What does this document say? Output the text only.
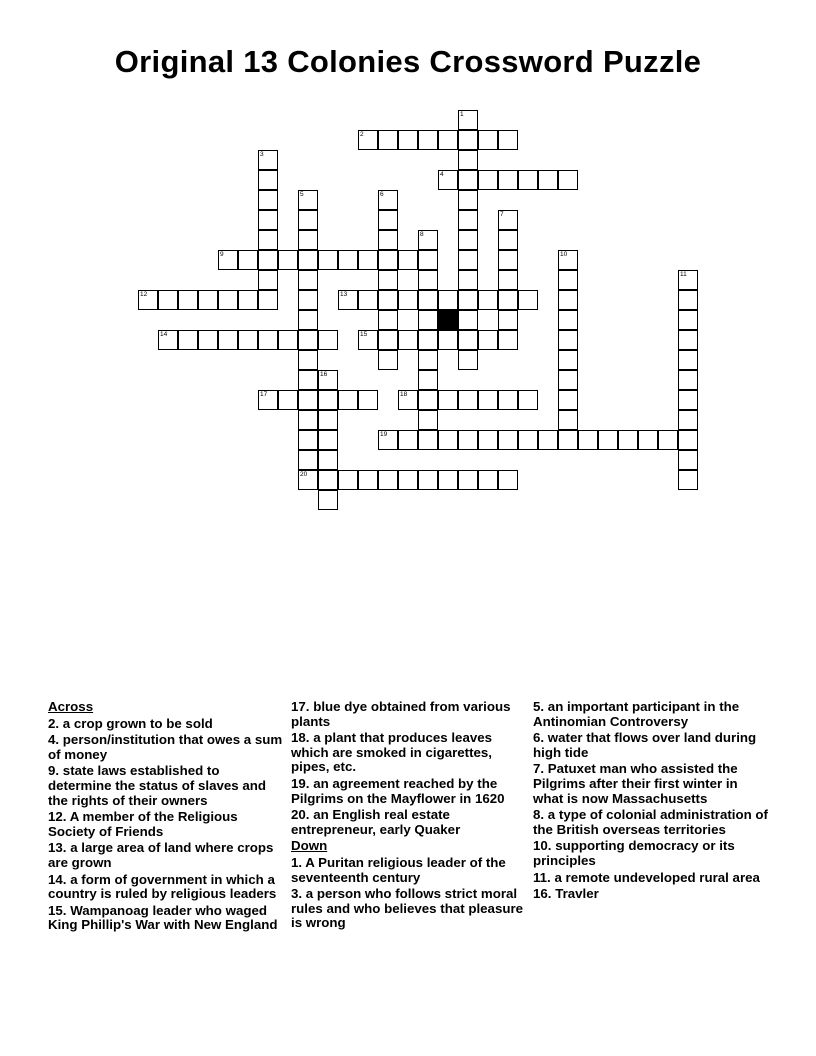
Original 13 Colonies Crossword Puzzle
1
2
3
4
5	6
7
8
9	10
11
12	13
14	15
16
17	18
19
20
Across
2. a crop grown to be sold
4. person/institution that owes a sum of money
9. state laws established to determine the status of slaves and the rights of their owners
12. A member of the Religious Society of Friends
13. a large area of land where crops are grown
14. a form of government in which a country is ruled by religious leaders
15. Wampanoag leader who waged King Phillip's War with New England
17. blue dye obtained from various plants
18. a plant that produces leaves which are smoked in cigarettes, pipes, etc.
19. an agreement reached by the Pilgrims on the Mayflower in 1620
20. an English real estate entrepreneur, early Quaker
Down
1. A Puritan religious leader of the seventeenth century
3. a person who follows strict moral rules and who believes that pleasure is wrong
5. an important participant in the Antinomian Controversy
6. water that flows over land during high tide
7. Patuxet man who assisted the Pilgrims after their first winter in what is now Massachusetts
8. a type of colonial administration of the British overseas territories
10. supporting democracy or its principles
11. a remote undeveloped rural area
16. Travler
